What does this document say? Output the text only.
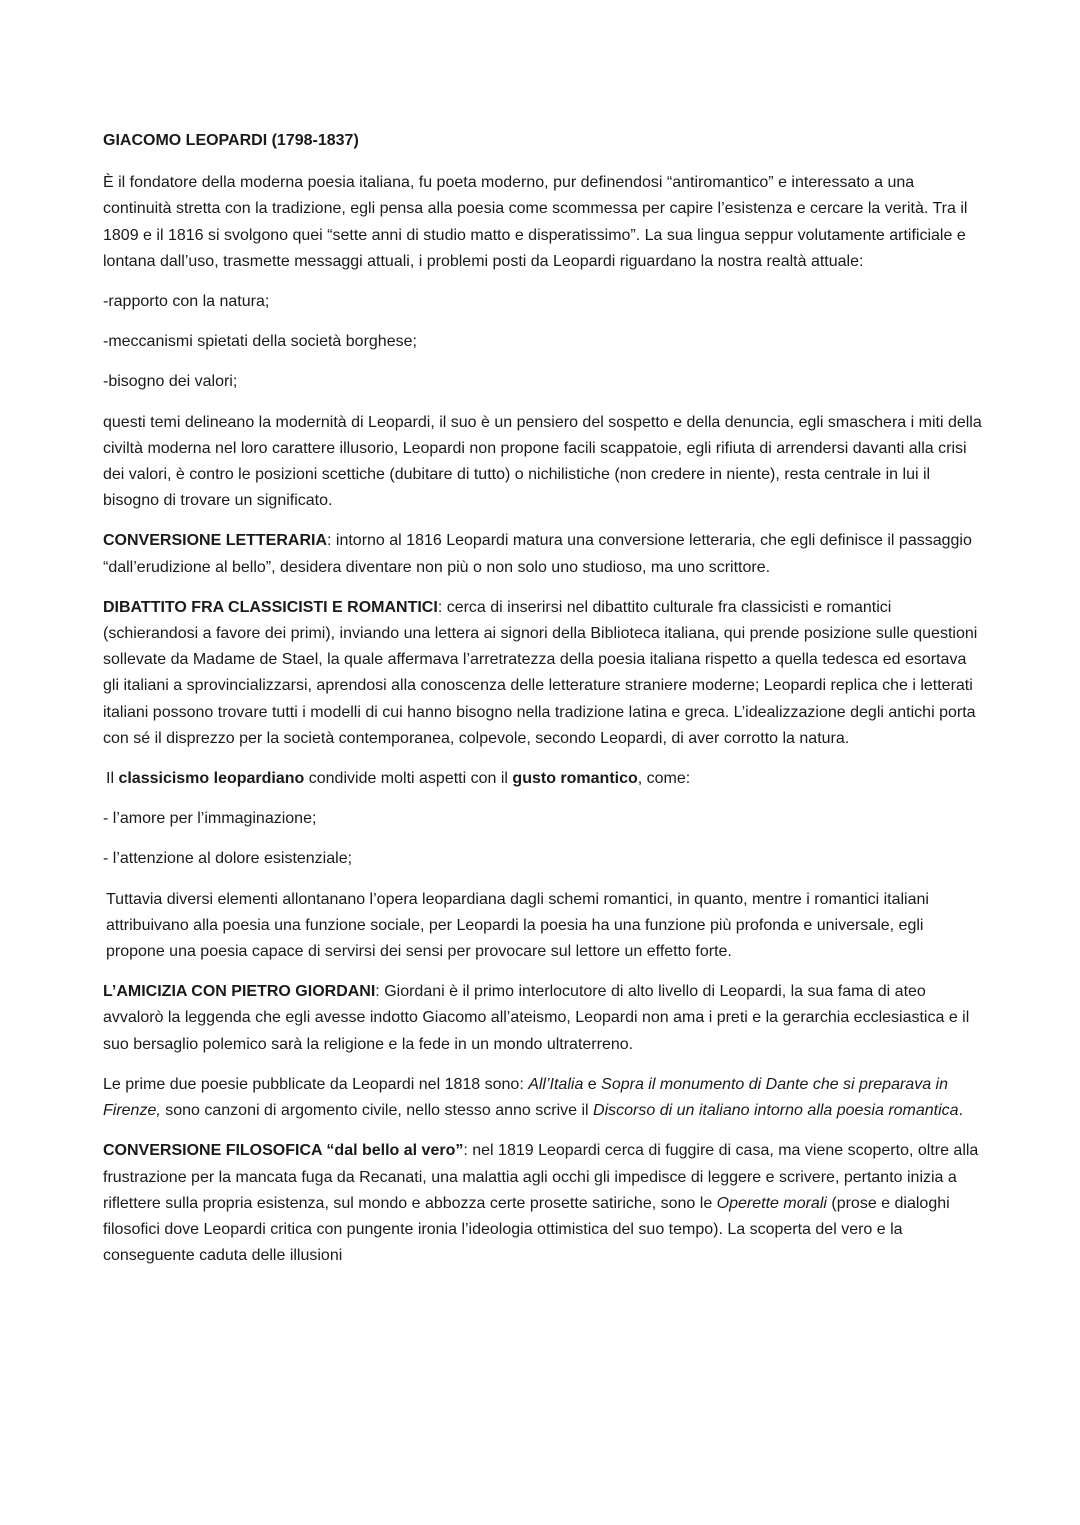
GIACOMO LEOPARDI (1798-1837)

È il fondatore della moderna poesia italiana, fu poeta moderno, pur definendosi “antiromantico” e interessato a una continuità stretta con la tradizione, egli pensa alla poesia come scommessa per capire l’esistenza e cercare la verità. Tra il 1809 e il 1816 si svolgono quei “sette anni di studio matto e disperatissimo”. La sua lingua seppur volutamente artificiale e lontana dall’uso, trasmette messaggi attuali, i problemi posti da Leopardi riguardano la nostra realtà attuale:

-rapporto con la natura;

-meccanismi spietati della società borghese;

-bisogno dei valori;

questi temi delineano la modernità di Leopardi, il suo è un pensiero del sospetto e della denuncia, egli smaschera i miti della civiltà moderna nel loro carattere illusorio, Leopardi non propone facili scappatoie, egli rifiuta di arrendersi davanti alla crisi dei valori, è contro le posizioni scettiche (dubitare di tutto) o nichilistiche (non credere in niente), resta centrale in lui il bisogno di trovare un significato.

CONVERSIONE LETTERARIA: intorno al 1816 Leopardi matura una conversione letteraria, che egli definisce il passaggio “dall’erudizione al bello”, desidera diventare non più o non solo uno studioso, ma uno scrittore.

DIBATTITO FRA CLASSICISTI E ROMANTICI: cerca di inserirsi nel dibattito culturale fra classicisti e romantici (schierandosi a favore dei primi), inviando una lettera ai signori della Biblioteca italiana, qui prende posizione sulle questioni sollevate da Madame de Stael, la quale affermava l’arretratezza della poesia italiana rispetto a quella tedesca ed esortava gli italiani a sprovincializzarsi, aprendosi alla conoscenza delle letterature straniere moderne; Leopardi replica che i letterati italiani possono trovare tutti i modelli di cui hanno bisogno nella tradizione latina e greca. L’idealizzazione degli antichi porta con sé il disprezzo per la società contemporanea, colpevole, secondo Leopardi, di aver corrotto la natura.

Il classicismo leopardiano condivide molti aspetti con il gusto romantico, come:

- l’amore per l’immaginazione;

- l’attenzione al dolore esistenziale;

Tuttavia diversi elementi allontanano l’opera leopardiana dagli schemi romantici, in quanto, mentre i romantici italiani attribuivano alla poesia una funzione sociale, per Leopardi la poesia ha una funzione più profonda e universale, egli propone una poesia capace di servirsi dei sensi per provocare sul lettore un effetto forte.

L’AMICIZIA CON PIETRO GIORDANI: Giordani è il primo interlocutore di alto livello di Leopardi, la sua fama di ateo avvalorò la leggenda che egli avesse indotto Giacomo all’ateismo, Leopardi non ama i preti e la gerarchia ecclesiastica e il suo bersaglio polemico sarà la religione e la fede in un mondo ultraterreno.

Le prime due poesie pubblicate da Leopardi nel 1818 sono: All’Italia e Sopra il monumento di Dante che si preparava in Firenze, sono canzoni di argomento civile, nello stesso anno scrive il Discorso di un italiano intorno alla poesia romantica.

CONVERSIONE FILOSOFICA “dal bello al vero”: nel 1819 Leopardi cerca di fuggire di casa, ma viene scoperto, oltre alla frustrazione per la mancata fuga da Recanati, una malattia agli occhi gli impedisce di leggere e scrivere, pertanto inizia a riflettere sulla propria esistenza, sul mondo e abbozza certe prosette satiriche, sono le Operette morali (prose e dialoghi filosofici dove Leopardi critica con pungente ironia l’ideologia ottimistica del suo tempo). La scoperta del vero e la conseguente caduta delle illusioni
